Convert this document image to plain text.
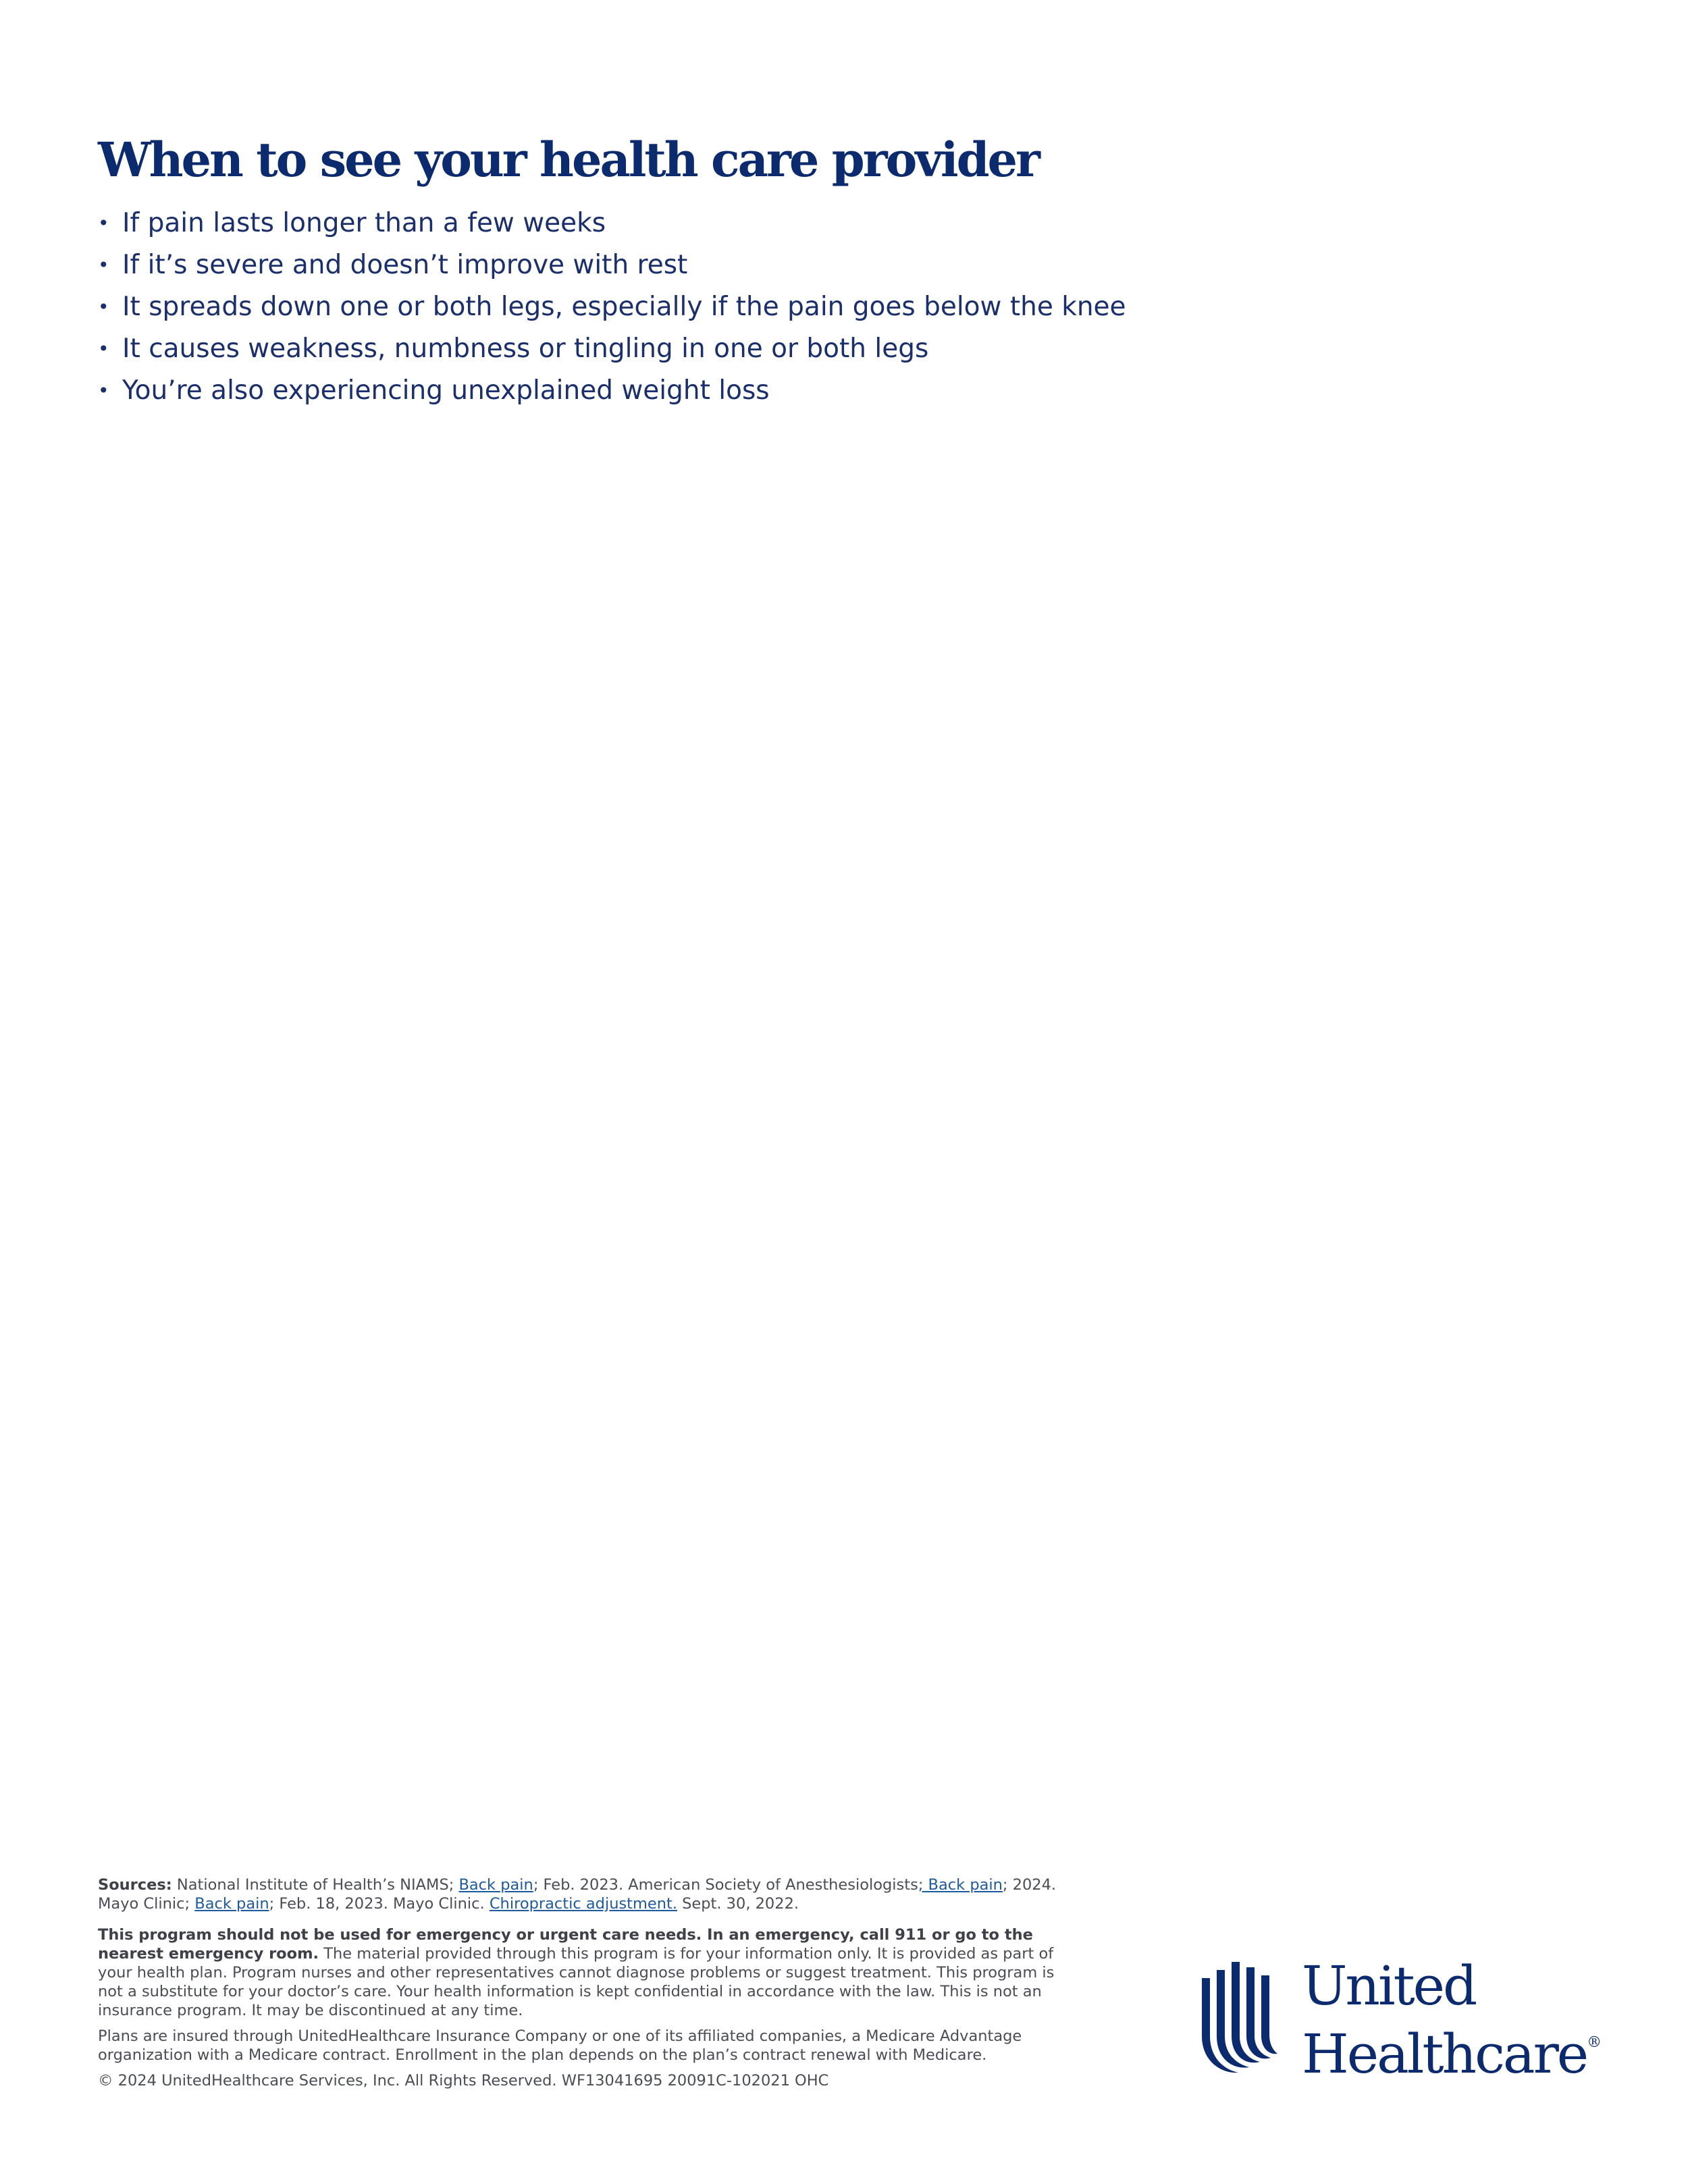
When to see your health care provider
• If pain lasts longer than a few weeks
• If it’s severe and doesn’t improve with rest
• It spreads down one or both legs, especially if the pain goes below the knee
• It causes weakness, numbness or tingling in one or both legs
• You’re also experiencing unexplained weight loss

Sources: National Institute of Health’s NIAMS; Back pain; Feb. 2023. American Society of Anesthesiologists; Back pain; 2024. Mayo Clinic; Back pain; Feb. 18, 2023. Mayo Clinic. Chiropractic adjustment. Sept. 30, 2022.

This program should not be used for emergency or urgent care needs. In an emergency, call 911 or go to the nearest emergency room. The material provided through this program is for your information only. It is provided as part of your health plan. Program nurses and other representatives cannot diagnose problems or suggest treatment. This program is not a substitute for your doctor’s care. Your health information is kept confidential in accordance with the law. This is not an insurance program. It may be discontinued at any time.

Plans are insured through UnitedHealthcare Insurance Company or one of its affiliated companies, a Medicare Advantage organization with a Medicare contract. Enrollment in the plan depends on the plan’s contract renewal with Medicare.

© 2024 UnitedHealthcare Services, Inc. All Rights Reserved. WF13041695 20091C-102021 OHC

United
Healthcare®
